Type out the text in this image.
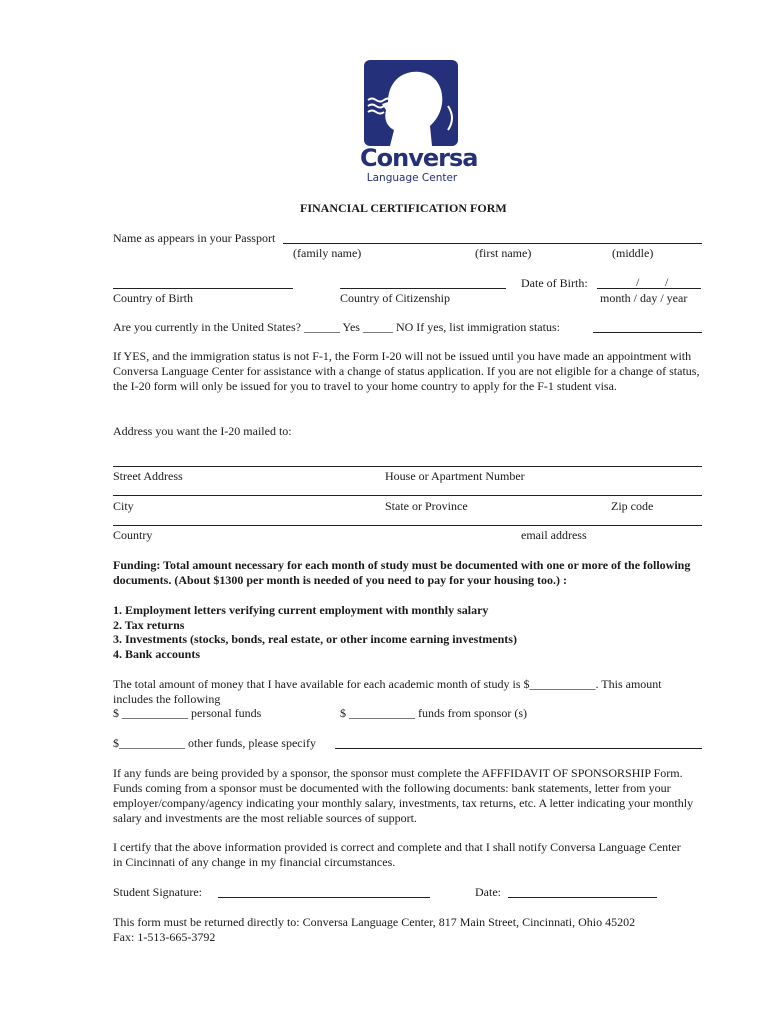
Conversa
Language Center
FINANCIAL CERTIFICATION FORM
Name as appears in your Passport
(family name)	(first name)	(middle)
Date of Birth:	/ /
Country of Birth	Country of Citizenship	month / day / year
Are you currently in the United States? ______ Yes _____ NO If yes, list immigration status:
If YES, and the immigration status is not F-1, the Form I-20 will not be issued until you have made an appointment with Conversa Language Center for assistance with a change of status application. If you are not eligible for a change of status, the I-20 form will only be issued for you to travel to your home country to apply for the F-1 student visa.
Address you want the I-20 mailed to:
Street Address	House or Apartment Number
City	State or Province	Zip code
Country	email address
Funding: Total amount necessary for each month of study must be documented with one or more of the following documents. (About $1300 per month is needed of you need to pay for your housing too.) :
1. Employment letters verifying current employment with monthly salary
2. Tax returns
3. Investments (stocks, bonds, real estate, or other income earning investments)
4. Bank accounts
The total amount of money that I have available for each academic month of study is $___________. This amount
includes the following
$ ___________ personal funds	$ ___________ funds from sponsor (s)
$___________ other funds, please specify
If any funds are being provided by a sponsor, the sponsor must complete the AFFFIDAVIT OF SPONSORSHIP Form. Funds coming from a sponsor must be documented with the following documents: bank statements, letter from your employer/company/agency indicating your monthly salary, investments, tax returns, etc. A letter indicating your monthly salary and investments are the most reliable sources of support.
I certify that the above information provided is correct and complete and that I shall notify Conversa Language Center in Cincinnati of any change in my financial circumstances.
Student Signature:	Date:
This form must be returned directly to: Conversa Language Center, 817 Main Street, Cincinnati, Ohio 45202
Fax: 1-513-665-3792
